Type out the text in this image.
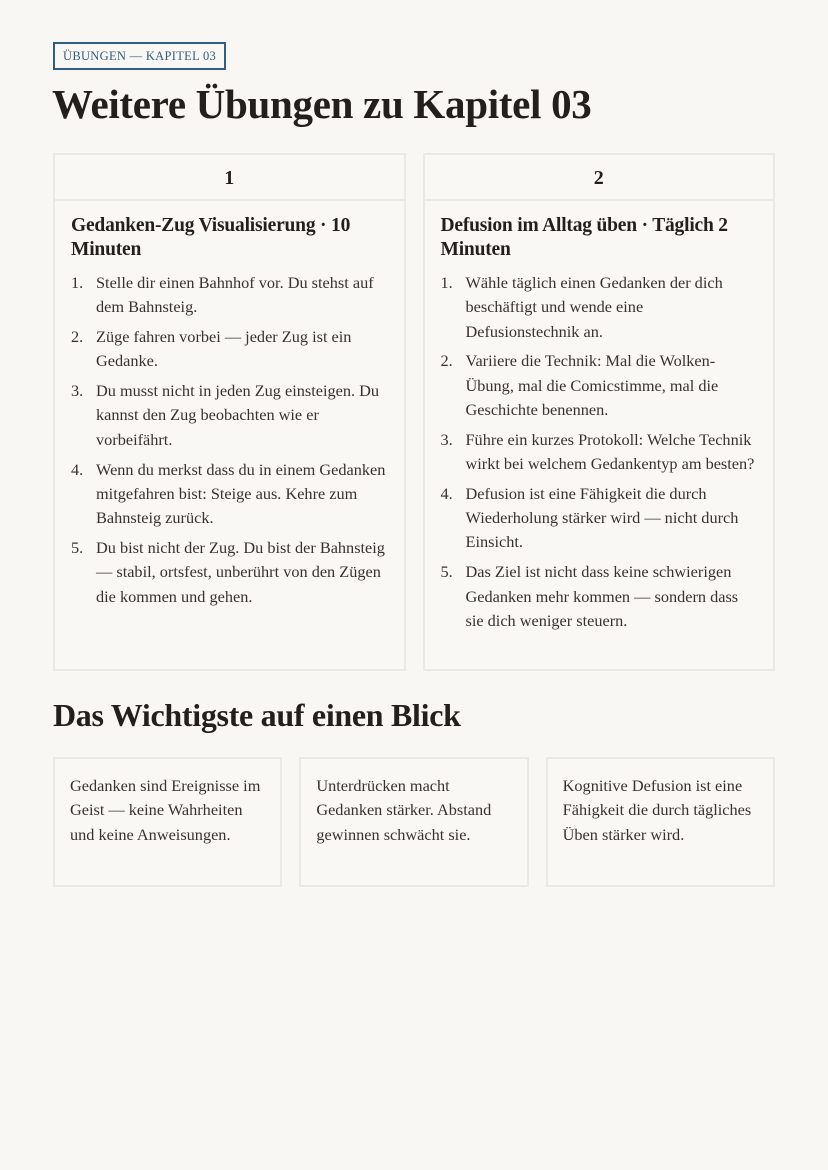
ÜBUNGEN — KAPITEL 03
Weitere Übungen zu Kapitel 03
1
Gedanken-Zug Visualisierung · 10 Minuten
1. Stelle dir einen Bahnhof vor. Du stehst auf dem Bahnsteig.
2. Züge fahren vorbei — jeder Zug ist ein Gedanke.
3. Du musst nicht in jeden Zug einsteigen. Du kannst den Zug beobachten wie er vorbeifährt.
4. Wenn du merkst dass du in einem Gedanken mitgefahren bist: Steige aus. Kehre zum Bahnsteig zurück.
5. Du bist nicht der Zug. Du bist der Bahnsteig — stabil, ortsfest, unberührt von den Zügen die kommen und gehen.
2
Defusion im Alltag üben · Täglich 2 Minuten
1. Wähle täglich einen Gedanken der dich beschäftigt und wende eine Defusionstechnik an.
2. Variiere die Technik: Mal die Wolken-Übung, mal die Comicstimme, mal die Geschichte benennen.
3. Führe ein kurzes Protokoll: Welche Technik wirkt bei welchem Gedankentyp am besten?
4. Defusion ist eine Fähigkeit die durch Wiederholung stärker wird — nicht durch Einsicht.
5. Das Ziel ist nicht dass keine schwierigen Gedanken mehr kommen — sondern dass sie dich weniger steuern.
Das Wichtigste auf einen Blick
Gedanken sind Ereignisse im Geist — keine Wahrheiten und keine Anweisungen.
Unterdrücken macht Gedanken stärker. Abstand gewinnen schwächt sie.
Kognitive Defusion ist eine Fähigkeit die durch tägliches Üben stärker wird.
